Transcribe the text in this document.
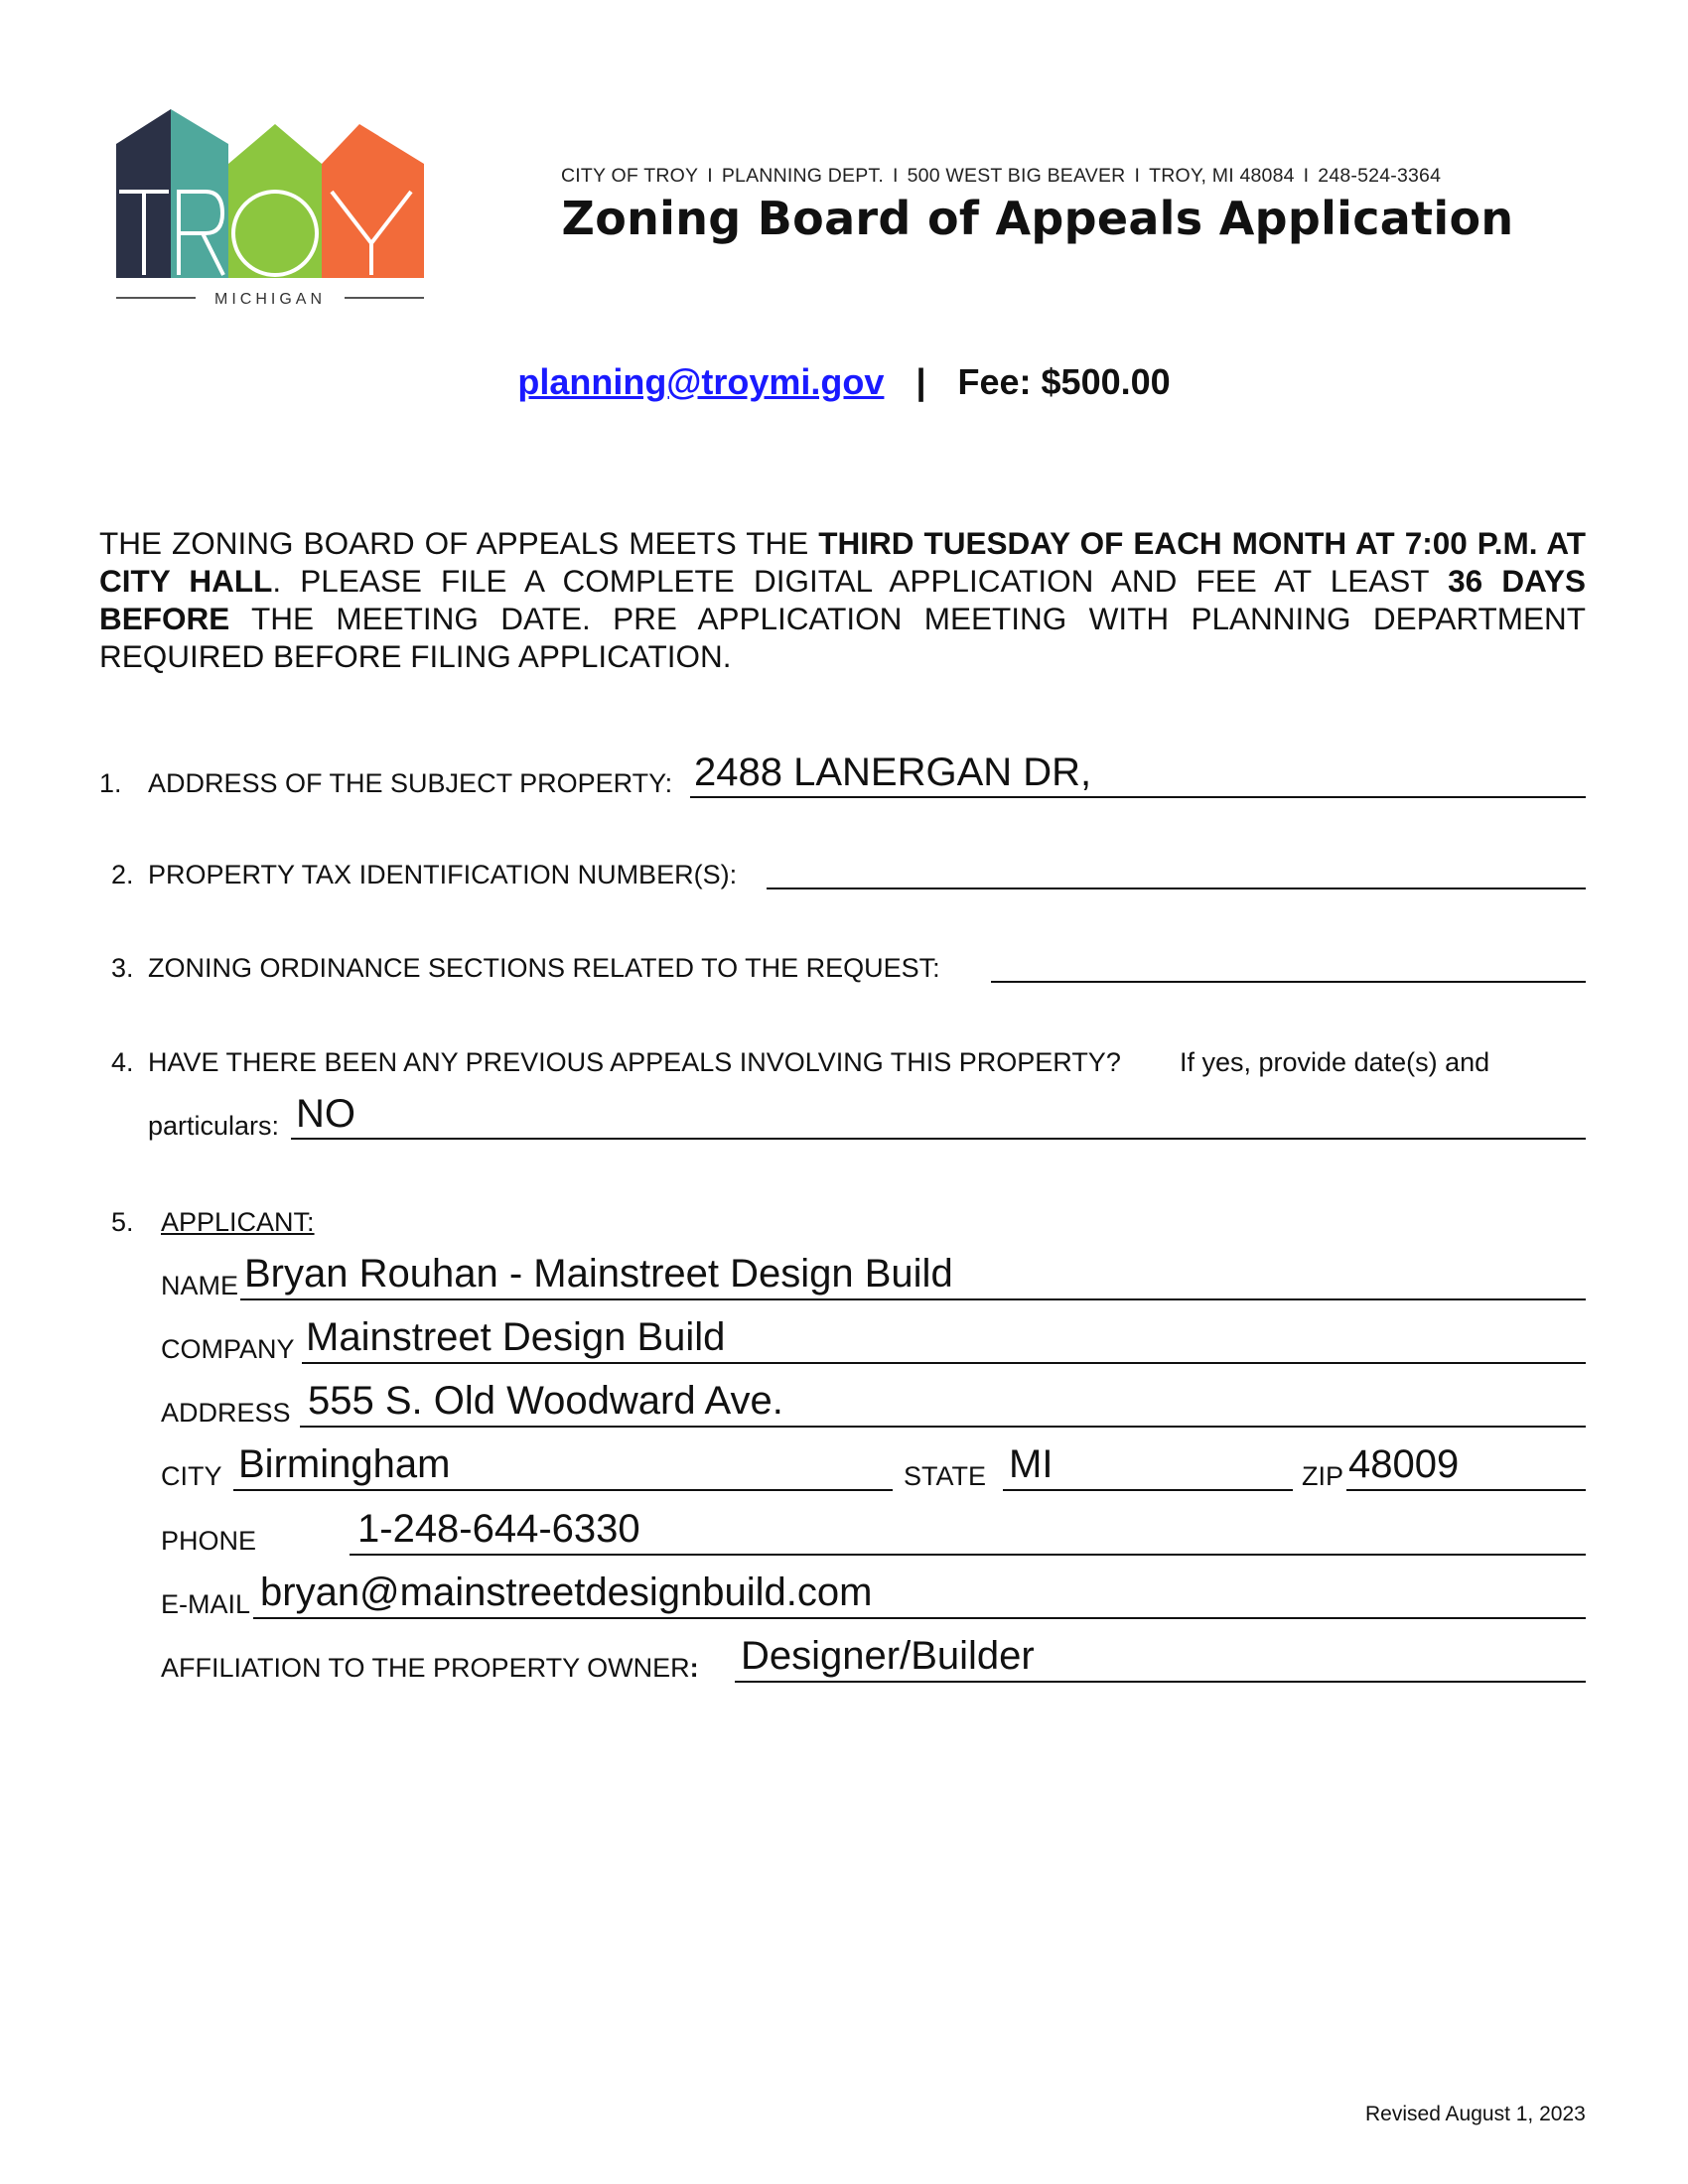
MICHIGAN
CITY OF TROY I PLANNING DEPT. I 500 WEST BIG BEAVER I TROY, MI 48084 I 248-524-3364
Zoning Board of Appeals Application
planning@troymi.gov | Fee: $500.00
THE ZONING BOARD OF APPEALS MEETS THE THIRD TUESDAY OF EACH MONTH AT 7:00 P.M. AT CITY HALL. PLEASE FILE A COMPLETE DIGITAL APPLICATION AND FEE AT LEAST 36 DAYS BEFORE THE MEETING DATE. PRE APPLICATION MEETING WITH PLANNING DEPARTMENT REQUIRED BEFORE FILING APPLICATION.
1. ADDRESS OF THE SUBJECT PROPERTY: 2488 LANERGAN DR,
2. PROPERTY TAX IDENTIFICATION NUMBER(S):
3. ZONING ORDINANCE SECTIONS RELATED TO THE REQUEST:
4. HAVE THERE BEEN ANY PREVIOUS APPEALS INVOLVING THIS PROPERTY? If yes, provide date(s) and
particulars: NO
5. APPLICANT:
NAME Bryan Rouhan - Mainstreet Design Build
COMPANY Mainstreet Design Build
ADDRESS 555 S. Old Woodward Ave.
CITY Birmingham	STATE MI	ZIP 48009
PHONE	1-248-644-6330
E-MAIL bryan@mainstreetdesignbuild.com
AFFILIATION TO THE PROPERTY OWNER: Designer/Builder
Revised August 1, 2023
